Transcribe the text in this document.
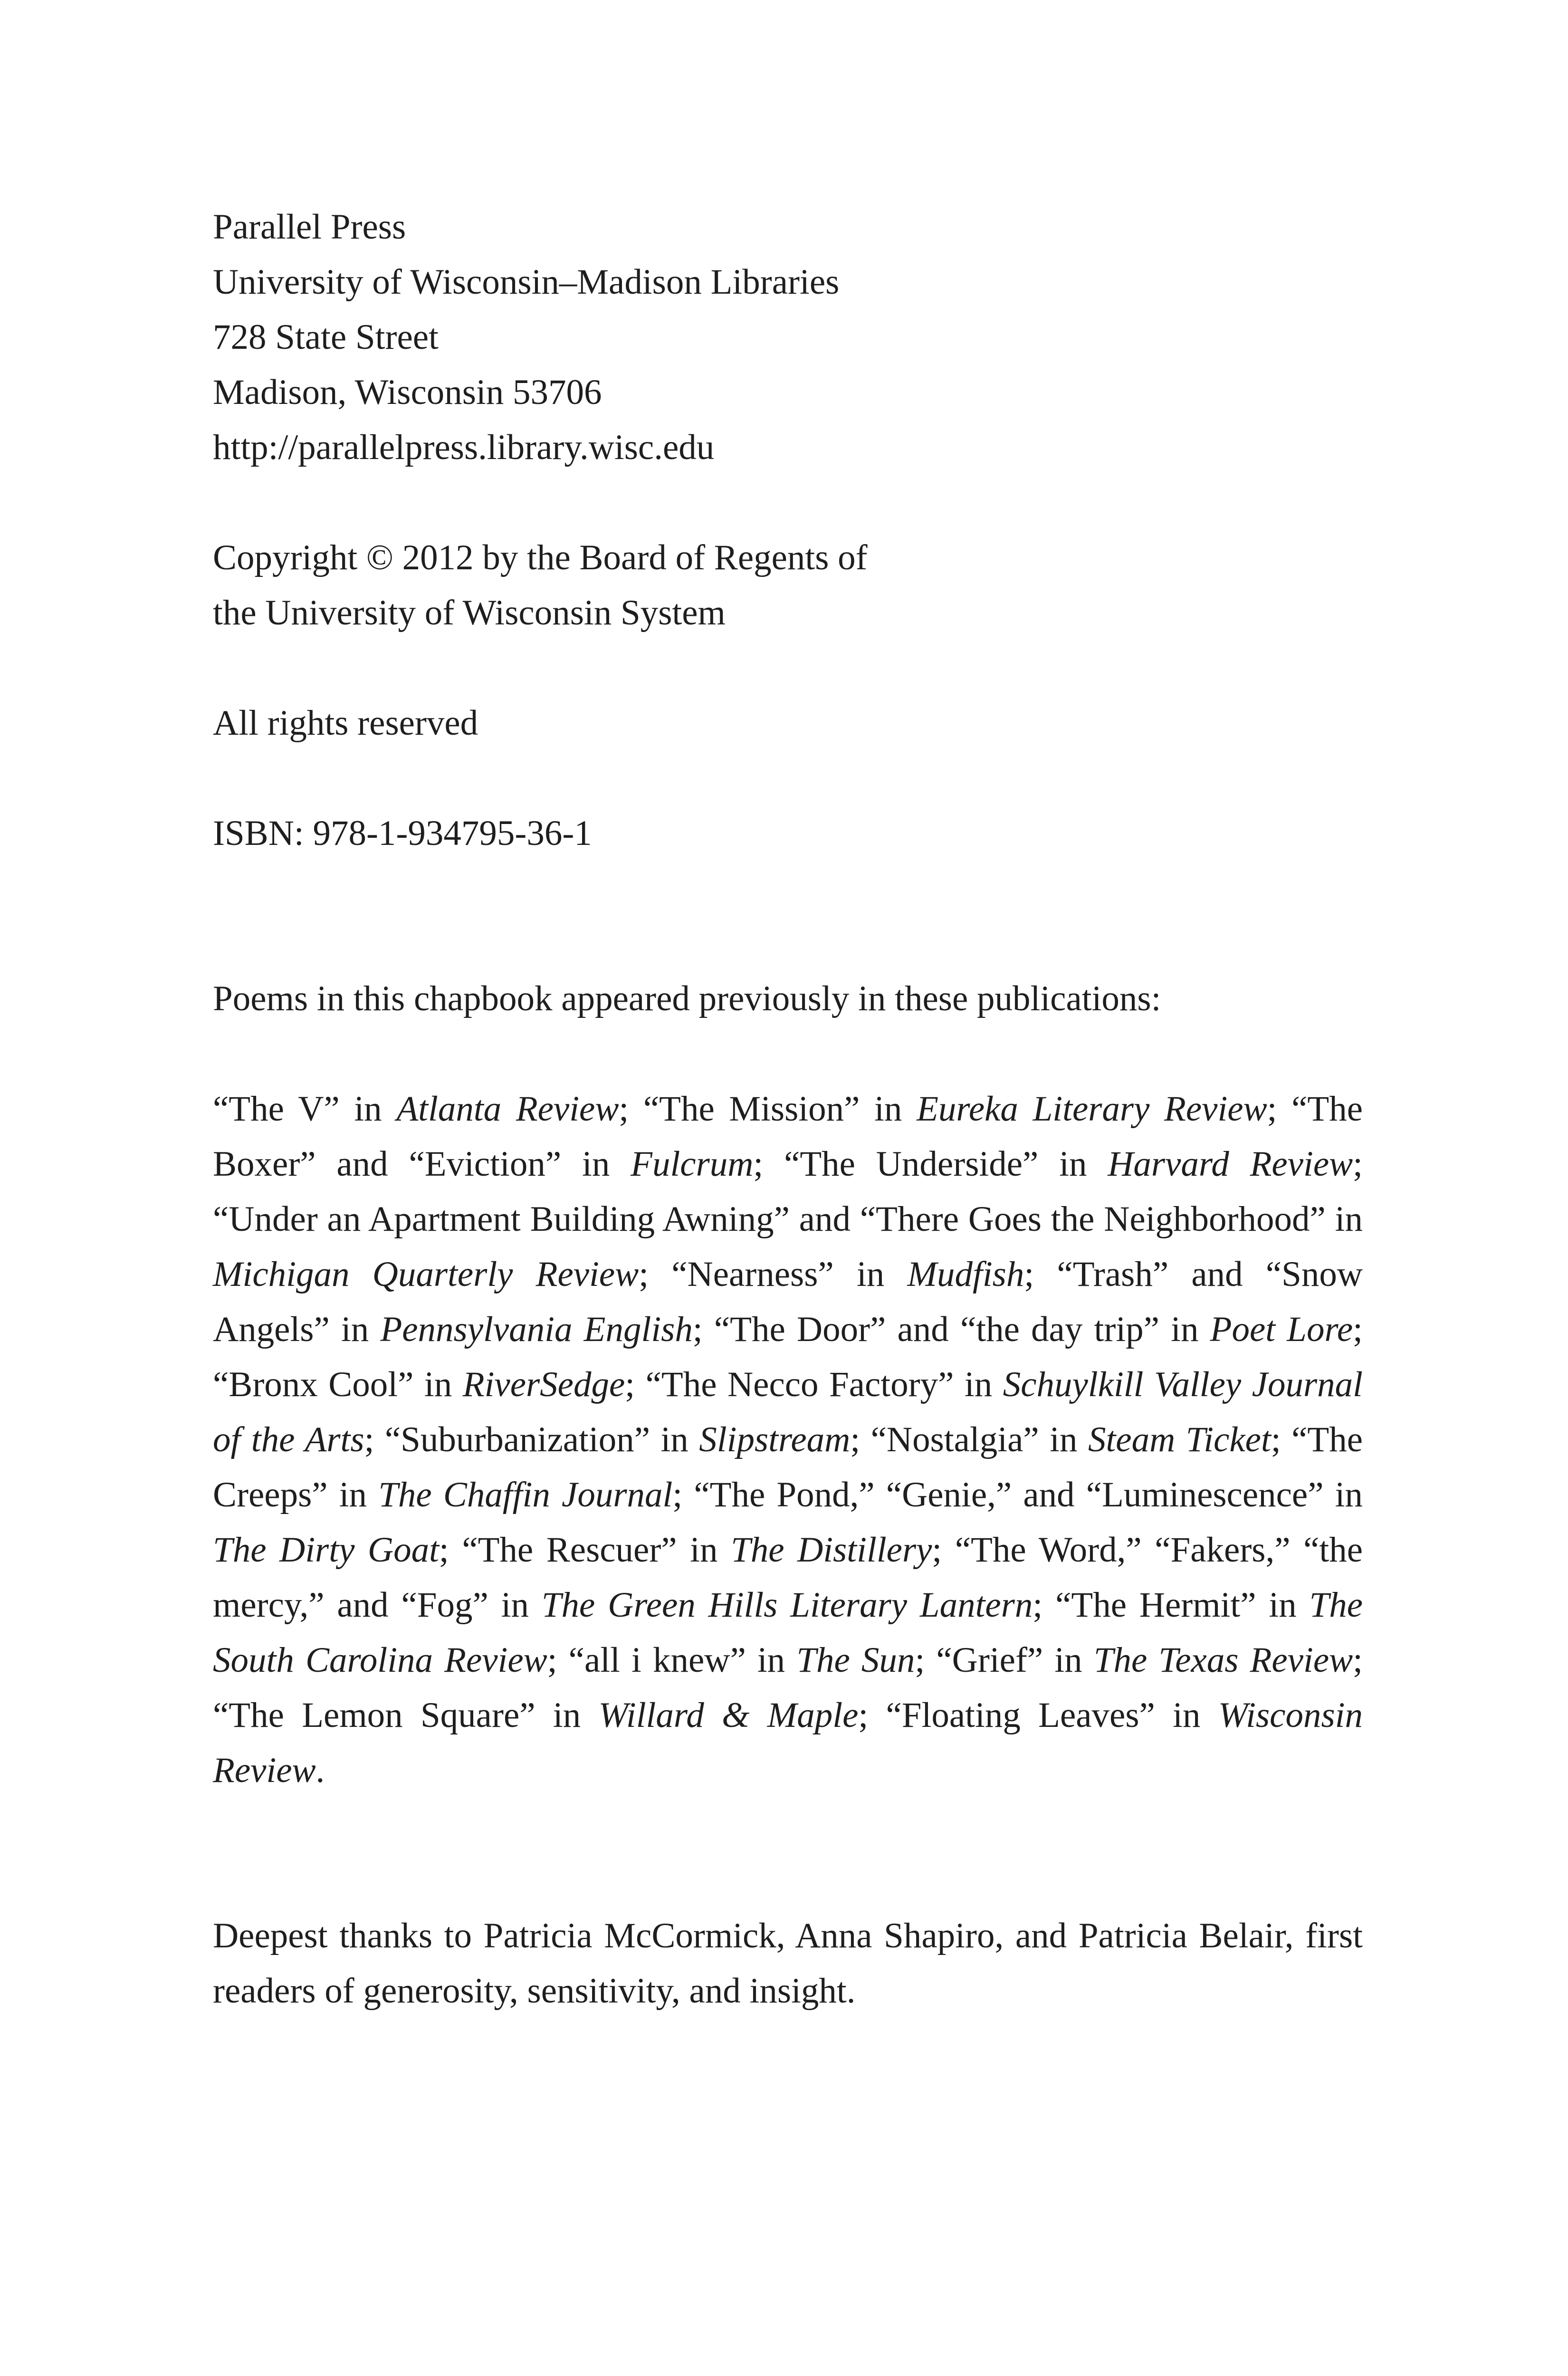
Parallel Press
University of Wisconsin–Madison Libraries
728 State Street
Madison, Wisconsin 53706
http://parallelpress.library.wisc.edu
Copyright © 2012 by the Board of Regents of
the University of Wisconsin System
All rights reserved
ISBN: 978-1-934795-36-1
Poems in this chapbook appeared previously in these publications:

“The V” in Atlanta Review; “The Mission” in Eureka Literary Review; “The Boxer” and “Eviction” in Fulcrum; “The Underside” in Harvard Review; “Under an Apartment Building Awning” and “There Goes the Neighborhood” in Michigan Quarterly Review; “Nearness” in Mudfish; “Trash” and “Snow Angels” in Pennsylvania English; “The Door” and “the day trip” in Poet Lore; “Bronx Cool” in RiverSedge; “The Necco Factory” in Schuylkill Valley Journal of the Arts; “Suburbanization” in Slipstream; “Nostalgia” in Steam Ticket; “The Creeps” in The Chaffin Journal; “The Pond,” “Genie,” and “Luminescence” in The Dirty Goat; “The Rescuer” in The Distillery; “The Word,” “Fakers,” “the mercy,” and “Fog” in The Green Hills Literary Lantern; “The Hermit” in The South Carolina Review; “all i knew” in The Sun; “Grief” in The Texas Review; “The Lemon Square” in Willard & Maple; “Floating Leaves” in Wisconsin Review.

Deepest thanks to Patricia McCormick, Anna Shapiro, and Patricia Belair, first readers of generosity, sensitivity, and insight.
